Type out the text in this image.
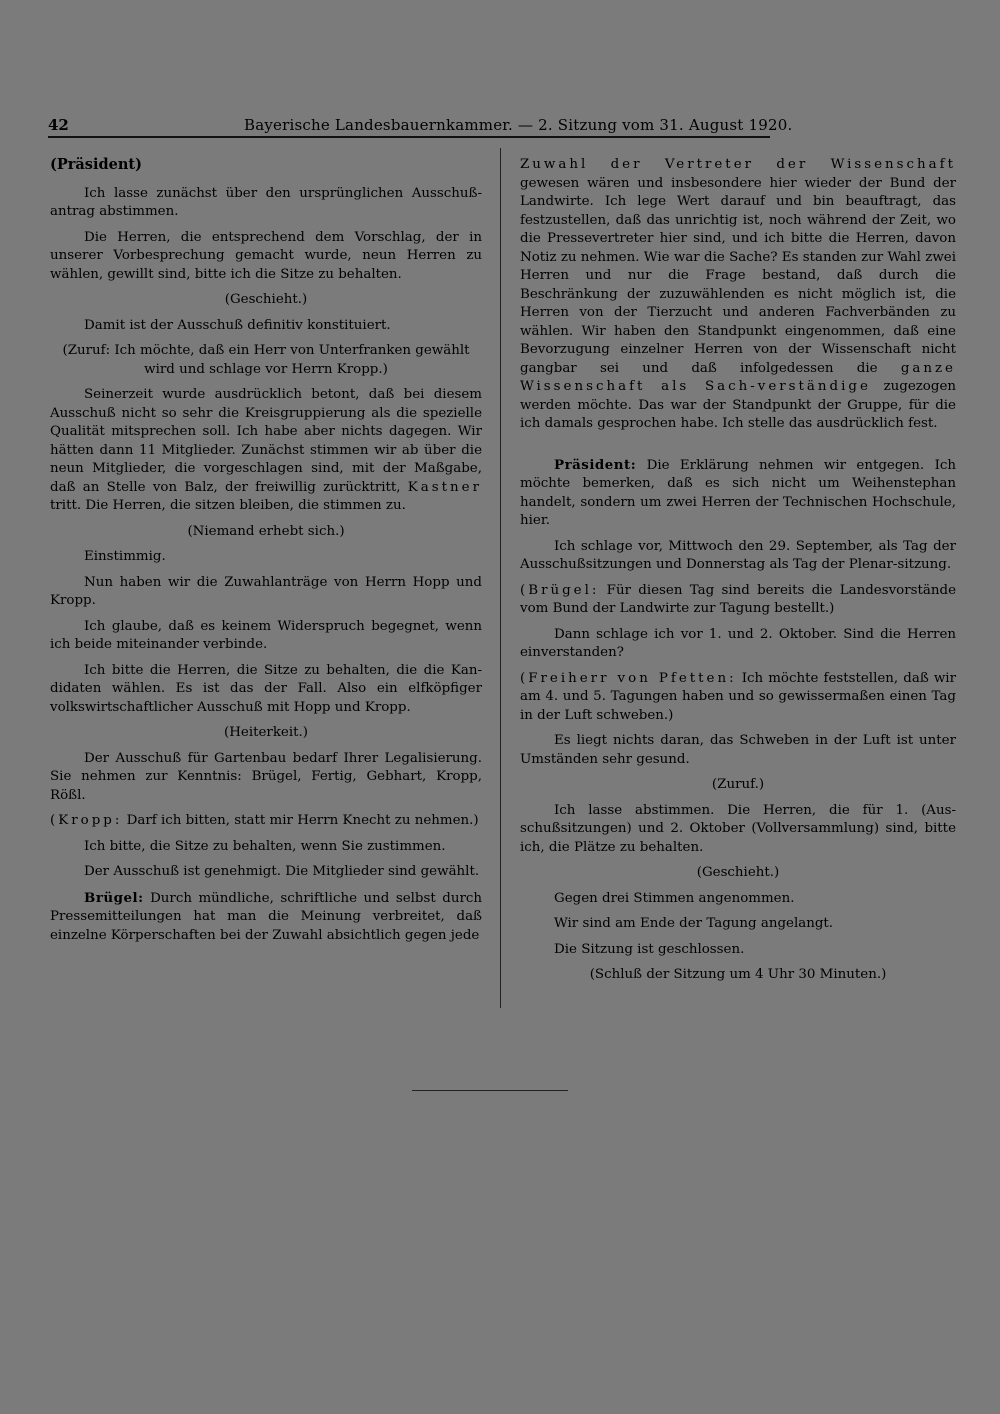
42	Bayerische Landesbauernkammer. — 2. Sitzung vom 31. August 1920.

(Präsident)

Ich lasse zunächst über den ursprünglichen Ausschuß-antrag abstimmen.

Die Herren, die entsprechend dem Vorschlag, der in unserer Vorbesprechung gemacht wurde, neun Herren zu wählen, gewillt sind, bitte ich die Sitze zu behalten.

(Geschieht.)

Damit ist der Ausschuß definitiv konstituiert.

(Zuruf: Ich möchte, daß ein Herr von Unterfranken gewählt wird und schlage vor Herrn Kropp.)

Seinerzeit wurde ausdrücklich betont, daß bei diesem Ausschuß nicht so sehr die Kreisgruppierung als die spezielle Qualität mitsprechen soll. Ich habe aber nichts dagegen. Wir hätten dann 11 Mitglieder. Zunächst stimmen wir ab über die neun Mitglieder, die vorgeschlagen sind, mit der Maßgabe, daß an Stelle von Balz, der freiwillig zurücktritt, Kastner tritt. Die Herren, die sitzen bleiben, die stimmen zu.

(Niemand erhebt sich.)

Einstimmig.

Nun haben wir die Zuwahlanträge von Herrn Hopp und Kropp.

Ich glaube, daß es keinem Widerspruch begegnet, wenn ich beide miteinander verbinde.

Ich bitte die Herren, die Sitze zu behalten, die die Kan-didaten wählen. Es ist das der Fall. Also ein elfköpfiger volkswirtschaftlicher Ausschuß mit Hopp und Kropp.

(Heiterkeit.)

Der Ausschuß für Gartenbau bedarf Ihrer Legalisierung. Sie nehmen zur Kenntnis: Brügel, Fertig, Gebhart, Kropp, Rößl.

(Kropp: Darf ich bitten, statt mir Herrn Knecht zu nehmen.)

Ich bitte, die Sitze zu behalten, wenn Sie zustimmen.

Der Ausschuß ist genehmigt. Die Mitglieder sind gewählt.

Brügel: Durch mündliche, schriftliche und selbst durch Pressemitteilungen hat man die Meinung verbreitet, daß einzelne Körperschaften bei der Zuwahl absichtlich gegen jede

Zuwahl der Vertreter der Wissenschaft gewesen wären und insbesondere hier wieder der Bund der Landwirte. Ich lege Wert darauf und bin beauftragt, das festzustellen, daß das unrichtig ist, noch während der Zeit, wo die Pressevertreter hier sind, und ich bitte die Herren, davon Notiz zu nehmen. Wie war die Sache? Es standen zur Wahl zwei Herren und nur die Frage bestand, daß durch die Beschränkung der zuzuwählenden es nicht möglich ist, die Herren von der Tierzucht und anderen Fachverbänden zu wählen. Wir haben den Standpunkt eingenommen, daß eine Bevorzugung einzelner Herren von der Wissenschaft nicht gangbar sei und daß infolgedessen die ganze Wissenschaft als Sach-verständige zugezogen werden möchte. Das war der Standpunkt der Gruppe, für die ich damals gesprochen habe. Ich stelle das ausdrücklich fest.

Präsident: Die Erklärung nehmen wir entgegen. Ich möchte bemerken, daß es sich nicht um Weihenstephan handelt, sondern um zwei Herren der Technischen Hochschule, hier.

Ich schlage vor, Mittwoch den 29. September, als Tag der Ausschußsitzungen und Donnerstag als Tag der Plenar-sitzung.

(Brügel: Für diesen Tag sind bereits die Landesvorstände vom Bund der Landwirte zur Tagung bestellt.)

Dann schlage ich vor 1. und 2. Oktober. Sind die Herren einverstanden?

(Freiherr von Pfetten: Ich möchte feststellen, daß wir am 4. und 5. Tagungen haben und so gewissermaßen einen Tag in der Luft schweben.)

Es liegt nichts daran, das Schweben in der Luft ist unter Umständen sehr gesund.

(Zuruf.)

Ich lasse abstimmen. Die Herren, die für 1. (Aus-schußsitzungen) und 2. Oktober (Vollversammlung) sind, bitte ich, die Plätze zu behalten.

(Geschieht.)

Gegen drei Stimmen angenommen.

Wir sind am Ende der Tagung angelangt.

Die Sitzung ist geschlossen.

(Schluß der Sitzung um 4 Uhr 30 Minuten.)
